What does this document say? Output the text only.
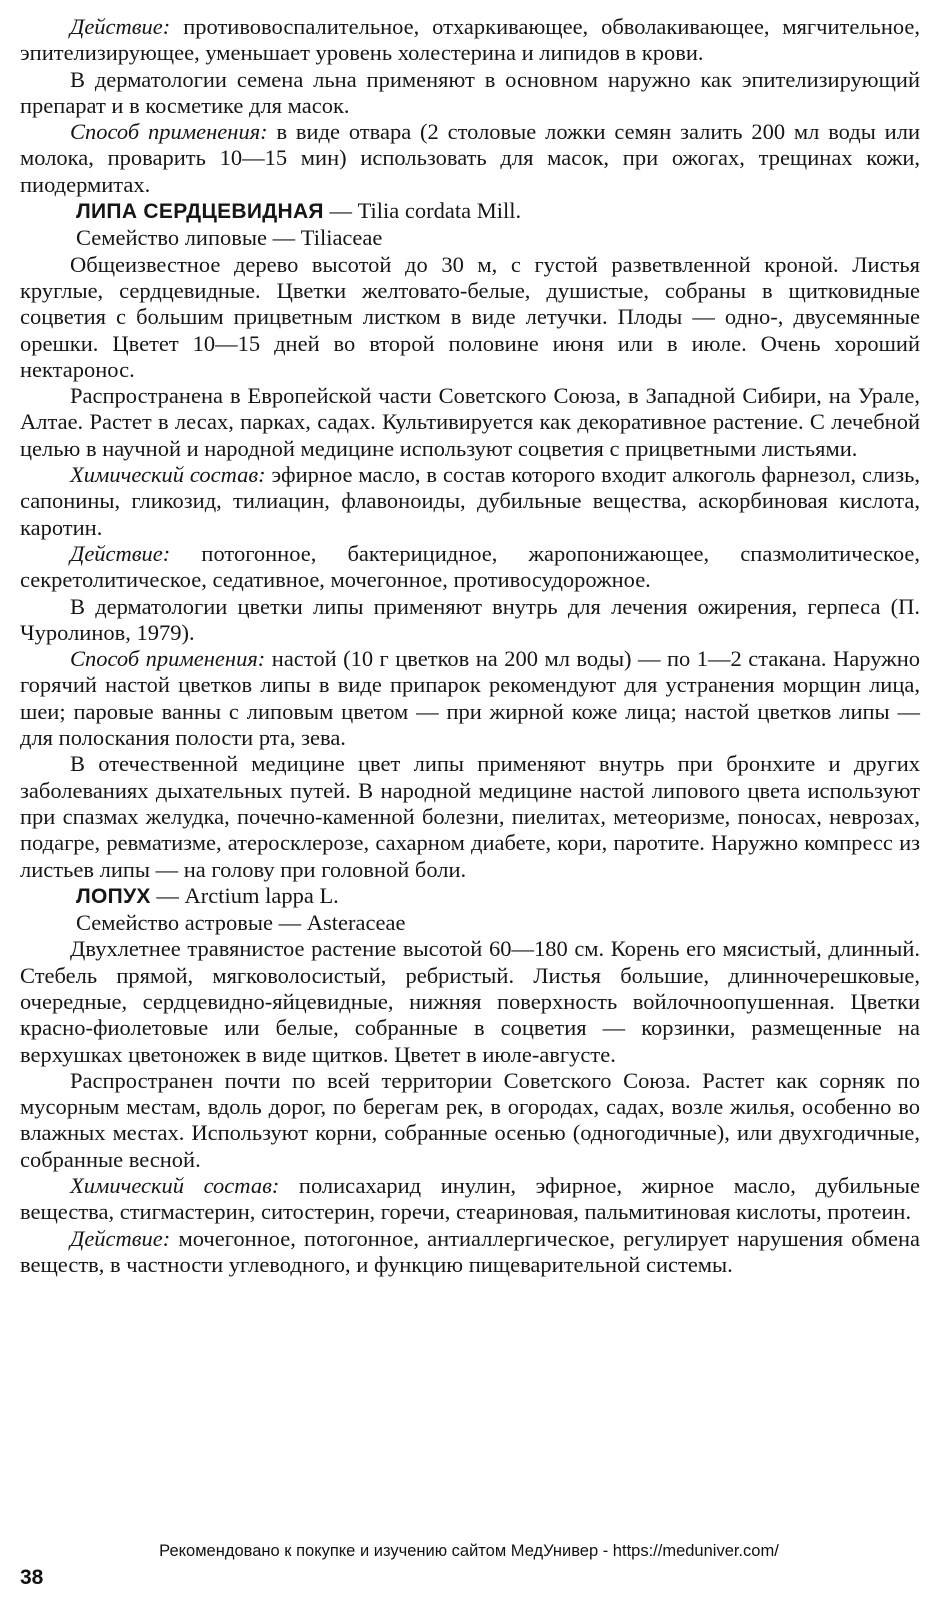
Действие: противовоспалительное, отхаркивающее, обволакивающее, мягчительное, эпителизирующее, уменьшает уровень холестерина и липидов в крови.

В дерматологии семена льна применяют в основном наружно как эпителизирующий препарат и в косметике для масок.

Способ применения: в виде отвара (2 столовые ложки семян залить 200 мл воды или молока, проварить 10—15 мин) использовать для масок, при ожогах, трещинах кожи, пиодермитах.

ЛИПА СЕРДЦЕВИДНАЯ — Tilia cordata Mill.

Семейство липовые — Tiliaceae

Общеизвестное дерево высотой до 30 м, с густой разветвленной кроной. Листья круглые, сердцевидные. Цветки желтовато-белые, душистые, собраны в щитковидные соцветия с большим прицветным листком в виде летучки. Плоды — одно-, двусемянные орешки. Цветет 10—15 дней во второй половине июня или в июле. Очень хороший нектаронос.

Распространена в Европейской части Советского Союза, в Западной Сибири, на Урале, Алтае. Растет в лесах, парках, садах. Культивируется как декоративное растение. С лечебной целью в научной и народной медицине используют соцветия с прицветными листьями.

Химический состав: эфирное масло, в состав которого входит алкоголь фарнезол, слизь, сапонины, гликозид, тилиацин, флавоноиды, дубильные вещества, аскорбиновая кислота, каротин.

Действие: потогонное, бактерицидное, жаропонижающее, спазмолитическое, секретолитическое, седативное, мочегонное, противосудорожное.

В дерматологии цветки липы применяют внутрь для лечения ожирения, герпеса (П. Чуролинов, 1979).

Способ применения: настой (10 г цветков на 200 мл воды) — по 1—2 стакана. Наружно горячий настой цветков липы в виде припарок рекомендуют для устранения морщин лица, шеи; паровые ванны с липовым цветом — при жирной коже лица; настой цветков липы — для полоскания полости рта, зева.

В отечественной медицине цвет липы применяют внутрь при бронхите и других заболеваниях дыхательных путей. В народной медицине настой липового цвета используют при спазмах желудка, почечно-каменной болезни, пиелитах, метеоризме, поносах, неврозах, подагре, ревматизме, атеросклерозе, сахарном диабете, кори, паротите. Наружно компресс из листьев липы — на голову при головной боли.

ЛОПУХ — Arctium lappa L.

Семейство астровые — Asteraceae

Двухлетнее травянистое растение высотой 60—180 см. Корень его мясистый, длинный. Стебель прямой, мягковолосистый, ребристый. Листья большие, длинночерешковые, очередные, сердцевидно-яйцевидные, нижняя поверхность войлочноопушенная. Цветки красно-фиолетовые или белые, собранные в соцветия — корзинки, размещенные на верхушках цветоножек в виде щитков. Цветет в июле-августе.

Распространен почти по всей территории Советского Союза. Растет как сорняк по мусорным местам, вдоль дорог, по берегам рек, в огородах, садах, возле жилья, особенно во влажных местах. Используют корни, собранные осенью (одногодичные), или двухгодичные, собранные весной.

Химический состав: полисахарид инулин, эфирное, жирное масло, дубильные вещества, стигмастерин, ситостерин, горечи, стеариновая, пальмитиновая кислоты, протеин.

Действие: мочегонное, потогонное, антиаллергическое, регулирует нарушения обмена веществ, в частности углеводного, и функцию пищеварительной системы.

Рекомендовано к покупке и изучению сайтом МедУнивер - https://meduniver.com/
38
